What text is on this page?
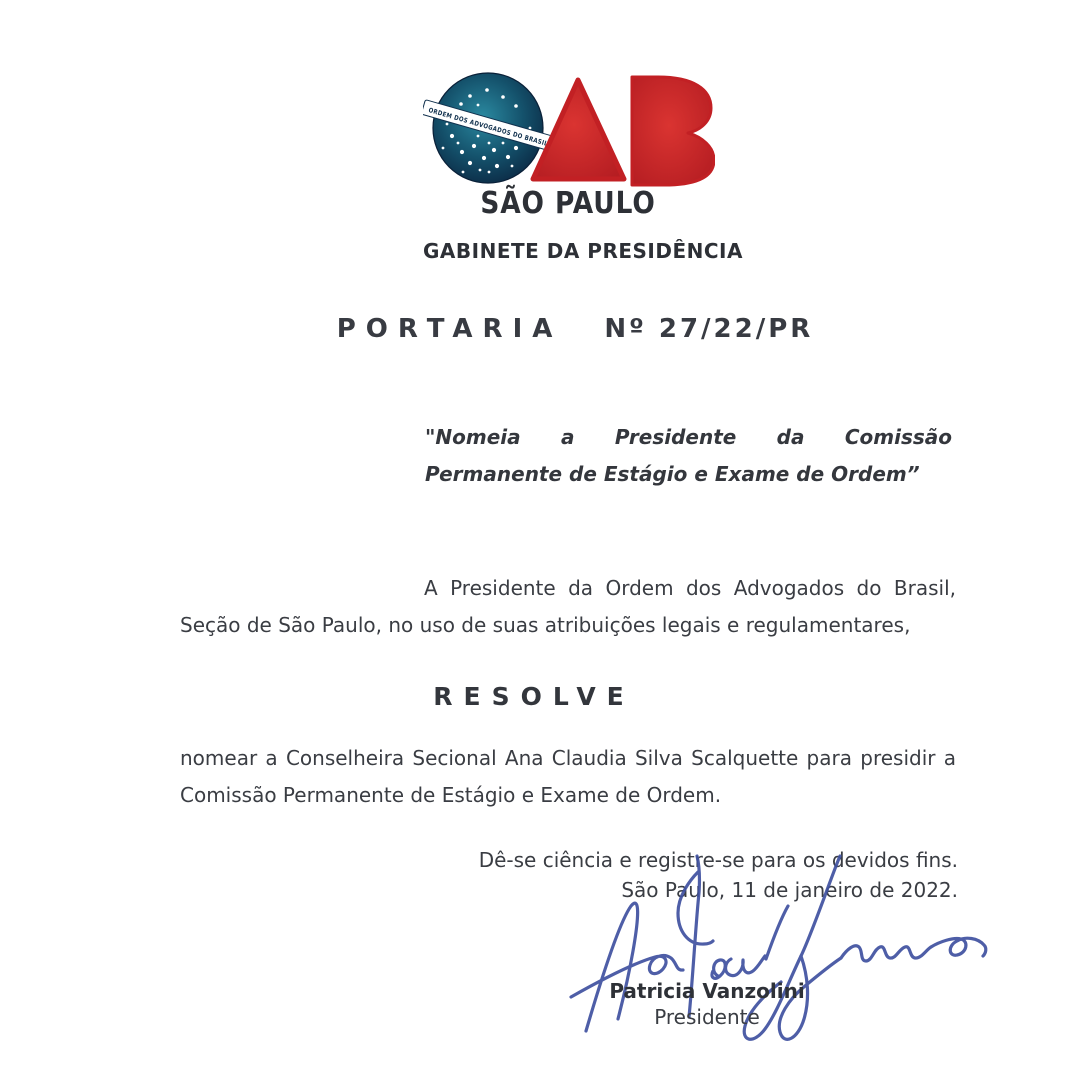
ORDEM DOS ADVOGADOS DO BRASIL
SÃO PAULO
GABINETE DA PRESIDÊNCIA
PORTARIA Nº 27/22/PR
"Nomeia a Presidente da Comissão
Permanente de Estágio e Exame de Ordem”
A Presidente da Ordem dos Advogados do Brasil,
Seção de São Paulo, no uso de suas atribuições legais e regulamentares,
RESOLVE
nomear a Conselheira Secional Ana Claudia Silva Scalquette para presidir a
Comissão Permanente de Estágio e Exame de Ordem.
Dê-se ciência e registre-se para os devidos fins.
São Paulo, 11 de janeiro de 2022.
Patricia Vanzolini
Presidente
